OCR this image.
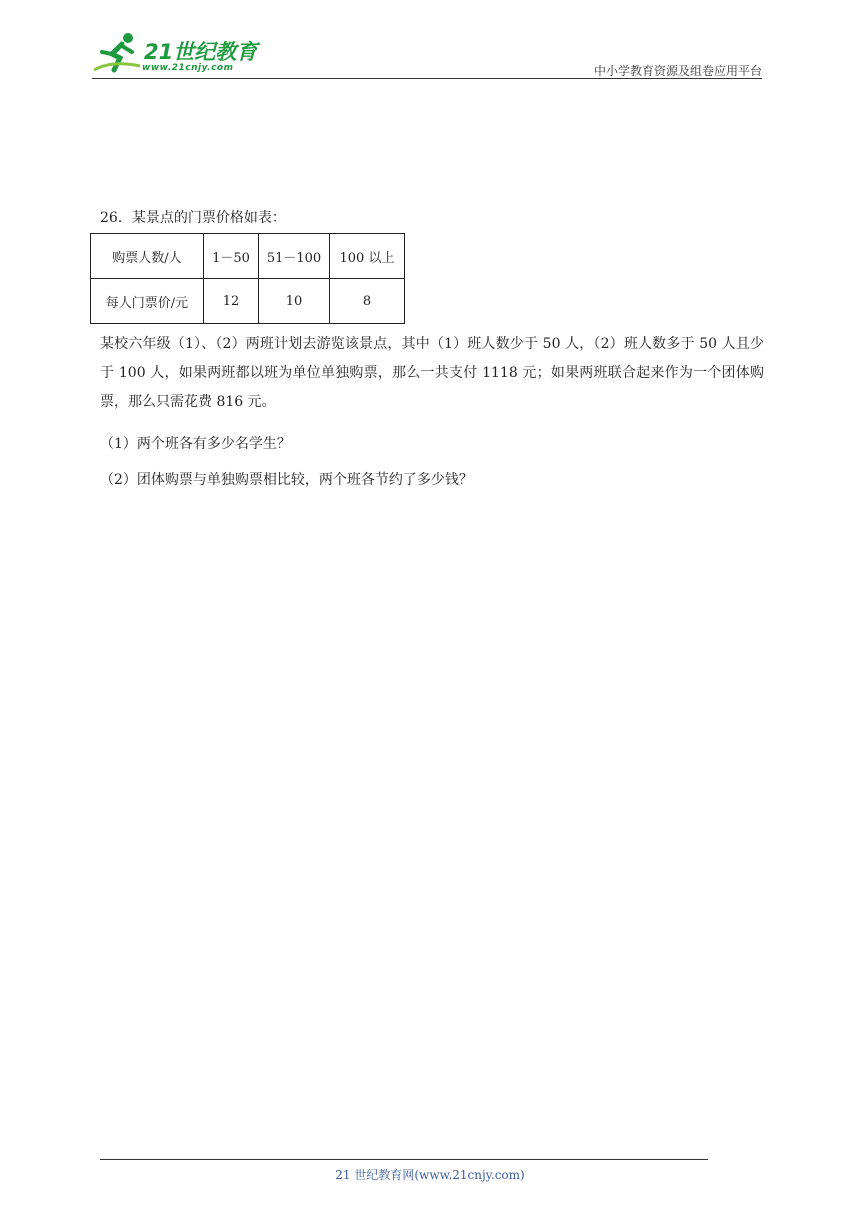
21世纪教育
www.21cnjy.com	中小学教育资源及组卷应用平台
26．某景点的门票价格如表：
购票人数/人	1－50	51－100	100 以上
每人门票价/元	12	10	8

某校六年级（1）、（2）两班计划去游览该景点，其中（1）班人数少于 50 人，（2）班人数多于 50 人且少于 100 人，如果两班都以班为单位单独购票，那么一共支付 1118 元；如果两班联合起来作为一个团体购票，那么只需花费 816 元。

（1）两个班各有多少名学生？

（2）团体购票与单独购票相比较，两个班各节约了多少钱？

21 世纪教育网(www.21cnjy.com)
